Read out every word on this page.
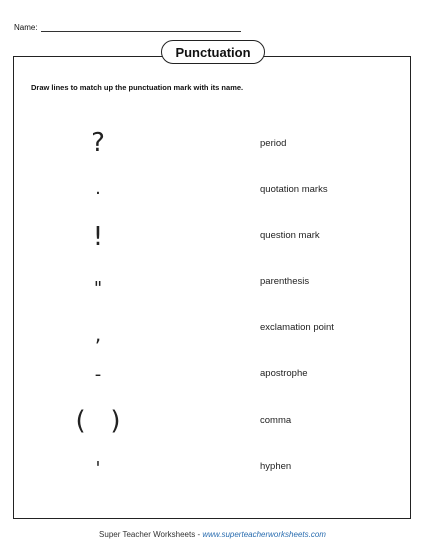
Name:
Punctuation
Draw lines to match up the punctuation mark with its name.
?
.
!
"
,
-
(   )
'
period
quotation marks
question mark
parenthesis
exclamation point
apostrophe
comma
hyphen
Super Teacher Worksheets - www.superteacherworksheets.com
